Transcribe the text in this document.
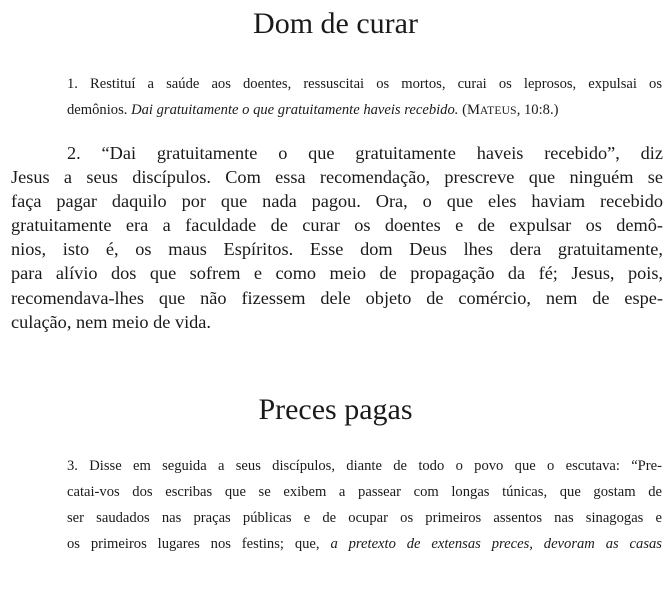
Dom de curar
1. Restituí a saúde aos doentes, ressuscitai os mortos, curai os leprosos, expulsai os
demônios. Dai gratuitamente o que gratuitamente haveis recebido. (MATEUS, 10:8.)
2. “Dai gratuitamente o que gratuitamente haveis recebido”, diz
Jesus a seus discípulos. Com essa recomendação, prescreve que ninguém se
faça pagar daquilo por que nada pagou. Ora, o que eles haviam recebido
gratuitamente era a faculdade de curar os doentes e de expulsar os demô-
nios, isto é, os maus Espíritos. Esse dom Deus lhes dera gratuitamente,
para alívio dos que sofrem e como meio de propagação da fé; Jesus, pois,
recomendava-lhes que não fizessem dele objeto de comércio, nem de espe-
culação, nem meio de vida.
Preces pagas
3. Disse em seguida a seus discípulos, diante de todo o povo que o escutava: “Pre-
catai-vos dos escribas que se exibem a passear com longas túnicas, que gostam de
ser saudados nas praças públicas e de ocupar os primeiros assentos nas sinagogas e
os primeiros lugares nos festins; que, a pretexto de extensas preces, devoram as casas
